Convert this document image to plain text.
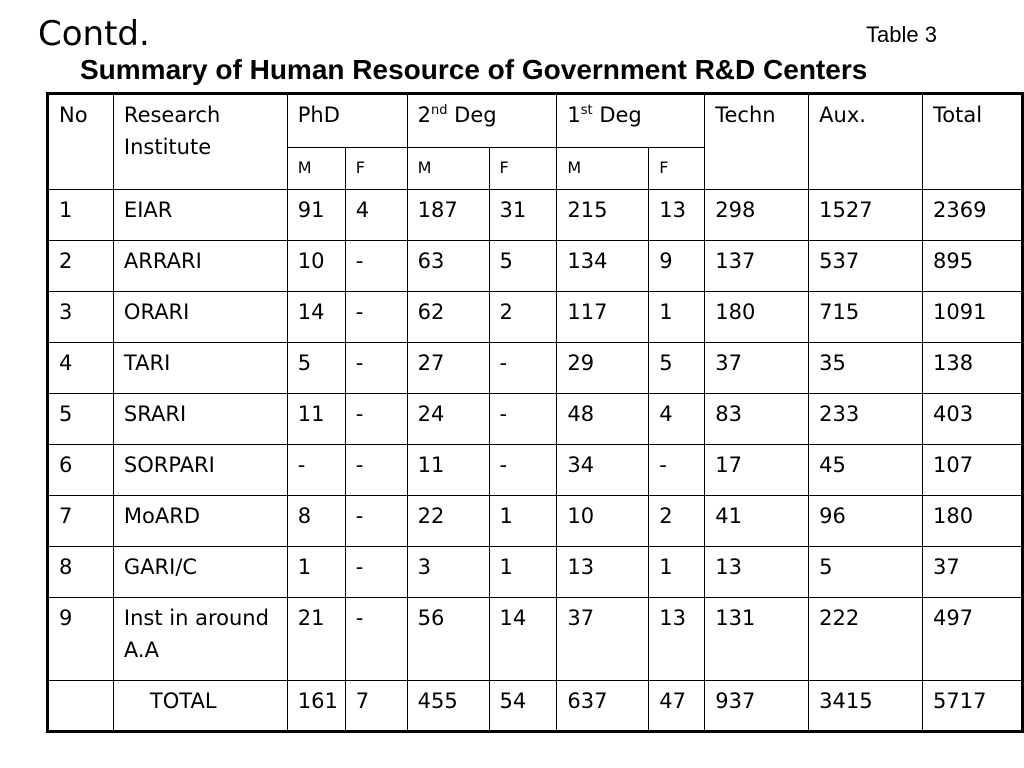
Contd.	Table 3
Summary of Human Resource of Government R&D Centers
No	Research Institute	PhD		2nd Deg		1st Deg		Techn	Aux.	Total
		M	F	M	F	M	F			
1	EIAR	91	4	187	31	215	13	298	1527	2369
2	ARRARI	10	-	63	5	134	9	137	537	895
3	ORARI	14	-	62	2	117	1	180	715	1091
4	TARI	5	-	27	-	29	5	37	35	138
5	SRARI	11	-	24	-	48	4	83	233	403
6	SORPARI	-	-	11	-	34	-	17	45	107
7	MoARD	8	-	22	1	10	2	41	96	180
8	GARI/C	1	-	3	1	13	1	13	5	37
9	Inst in around A.A	21	-	56	14	37	13	131	222	497
	TOTAL	161	7	455	54	637	47	937	3415	5717
